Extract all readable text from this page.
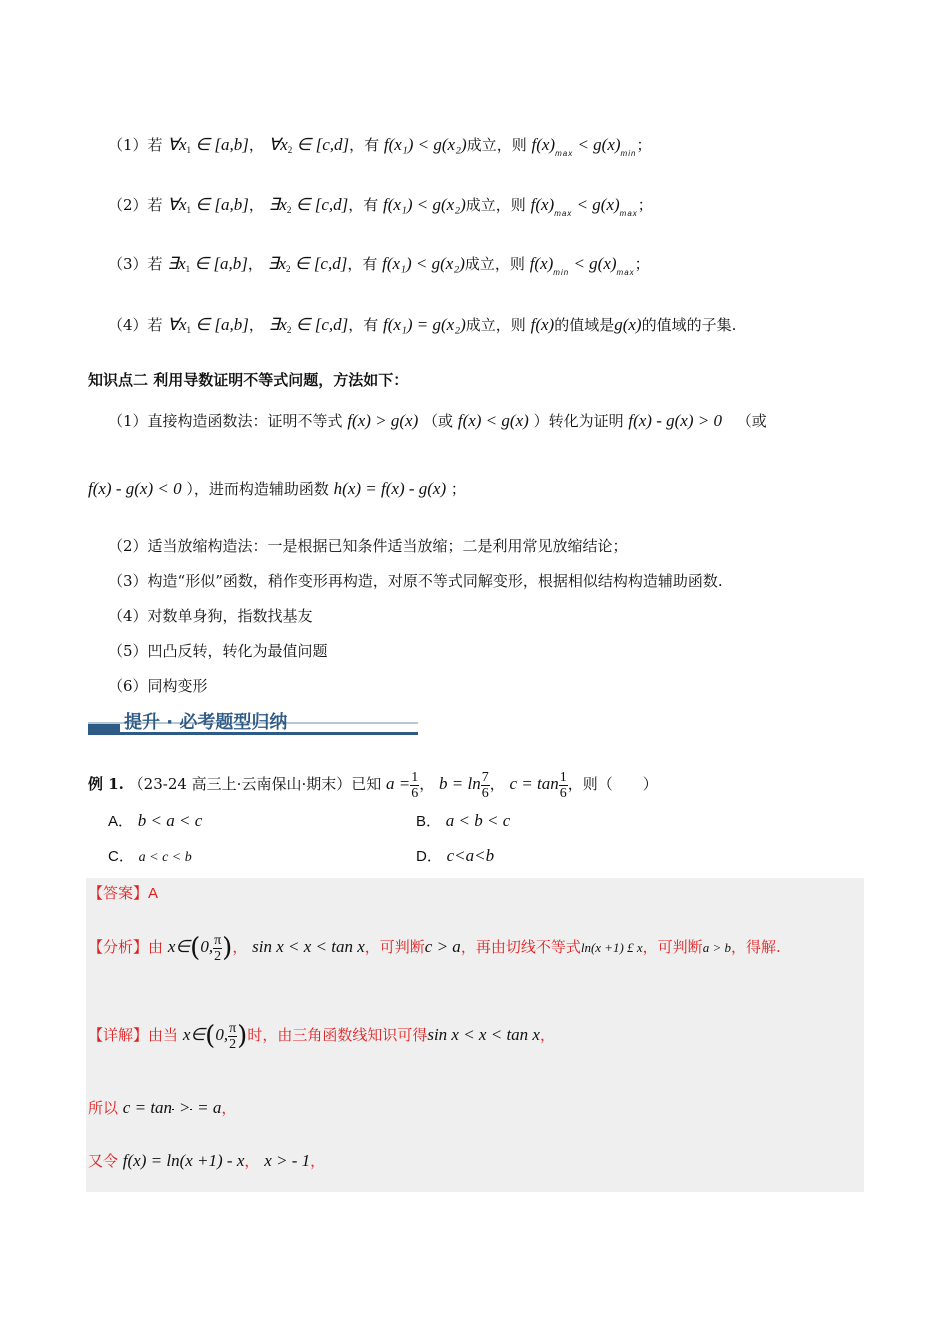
（1）若 $\forall x_1$ ∈ [a,b]， $\forall x_2$ ∈ [c,d]，有 f(x₁) < g(x₂)成立，则 $f(x)_{max} < g(x)_{min}$；
（2）若 $\forall x_1$ ∈ [a,b]， $\exists x_2$ ∈ [c,d]，有 f(x₁) < g(x₂)成立，则 $f(x)_{max} < g(x)_{max}$；
（3）若 $\exists x_1$ ∈ [a,b]， $\exists x_2$ ∈ [c,d]，有 f(x₁) < g(x₂)成立，则 $f(x)_{min} < g(x)_{max}$；
（4）若 $\forall x_1$ ∈ [a,b]， $\exists x_2$ ∈ [c,d]，有 f(x₁) = g(x₂)成立，则 f(x)的值域是g(x)的值域的子集.
知识点二 利用导数证明不等式问题，方法如下：
（1）直接构造函数法：证明不等式 f(x) > g(x) （或 f(x) < g(x) ）转化为证明 f(x) - g(x) > 0 （或
f(x) - g(x) < 0 ），进而构造辅助函数 h(x) = f(x) - g(x) ；
（2）适当放缩构造法：一是根据已知条件适当放缩；二是利用常见放缩结论；
（3）构造“形似”函数，稍作变形再构造，对原不等式同解变形，根据相似结构构造辅助函数.
（4）对数单身狗，指数找基友
（5）凹凸反转，转化为最值问题
（6）同构变形
提升 · 必考题型归纳
例 1. （23-24 高三上·云南保山·期末）已知 $a = \frac{1}{6}$ ， $b = \ln \frac{7}{6}$ ， $c = \tan \frac{1}{6}$ ，则（　　）
A． b < a < c	B． a < b < c
C． a < c < b	D． c<a<b
【答案】A
【分析】由 x∈(0, $\frac{\pi}{2}$ )， sin x < x < tan x，可判断c > a，再由切线不等式ln(x +1) £ x，可判断a > b，得解.
【详解】由当 x∈(0, $\frac{\pi}{2}$ )时，由三角函数线知识可得sin x < x < tan x，
所以 c = tan > = a，
又令 f(x) = ln(x +1) - x， x > - 1，
